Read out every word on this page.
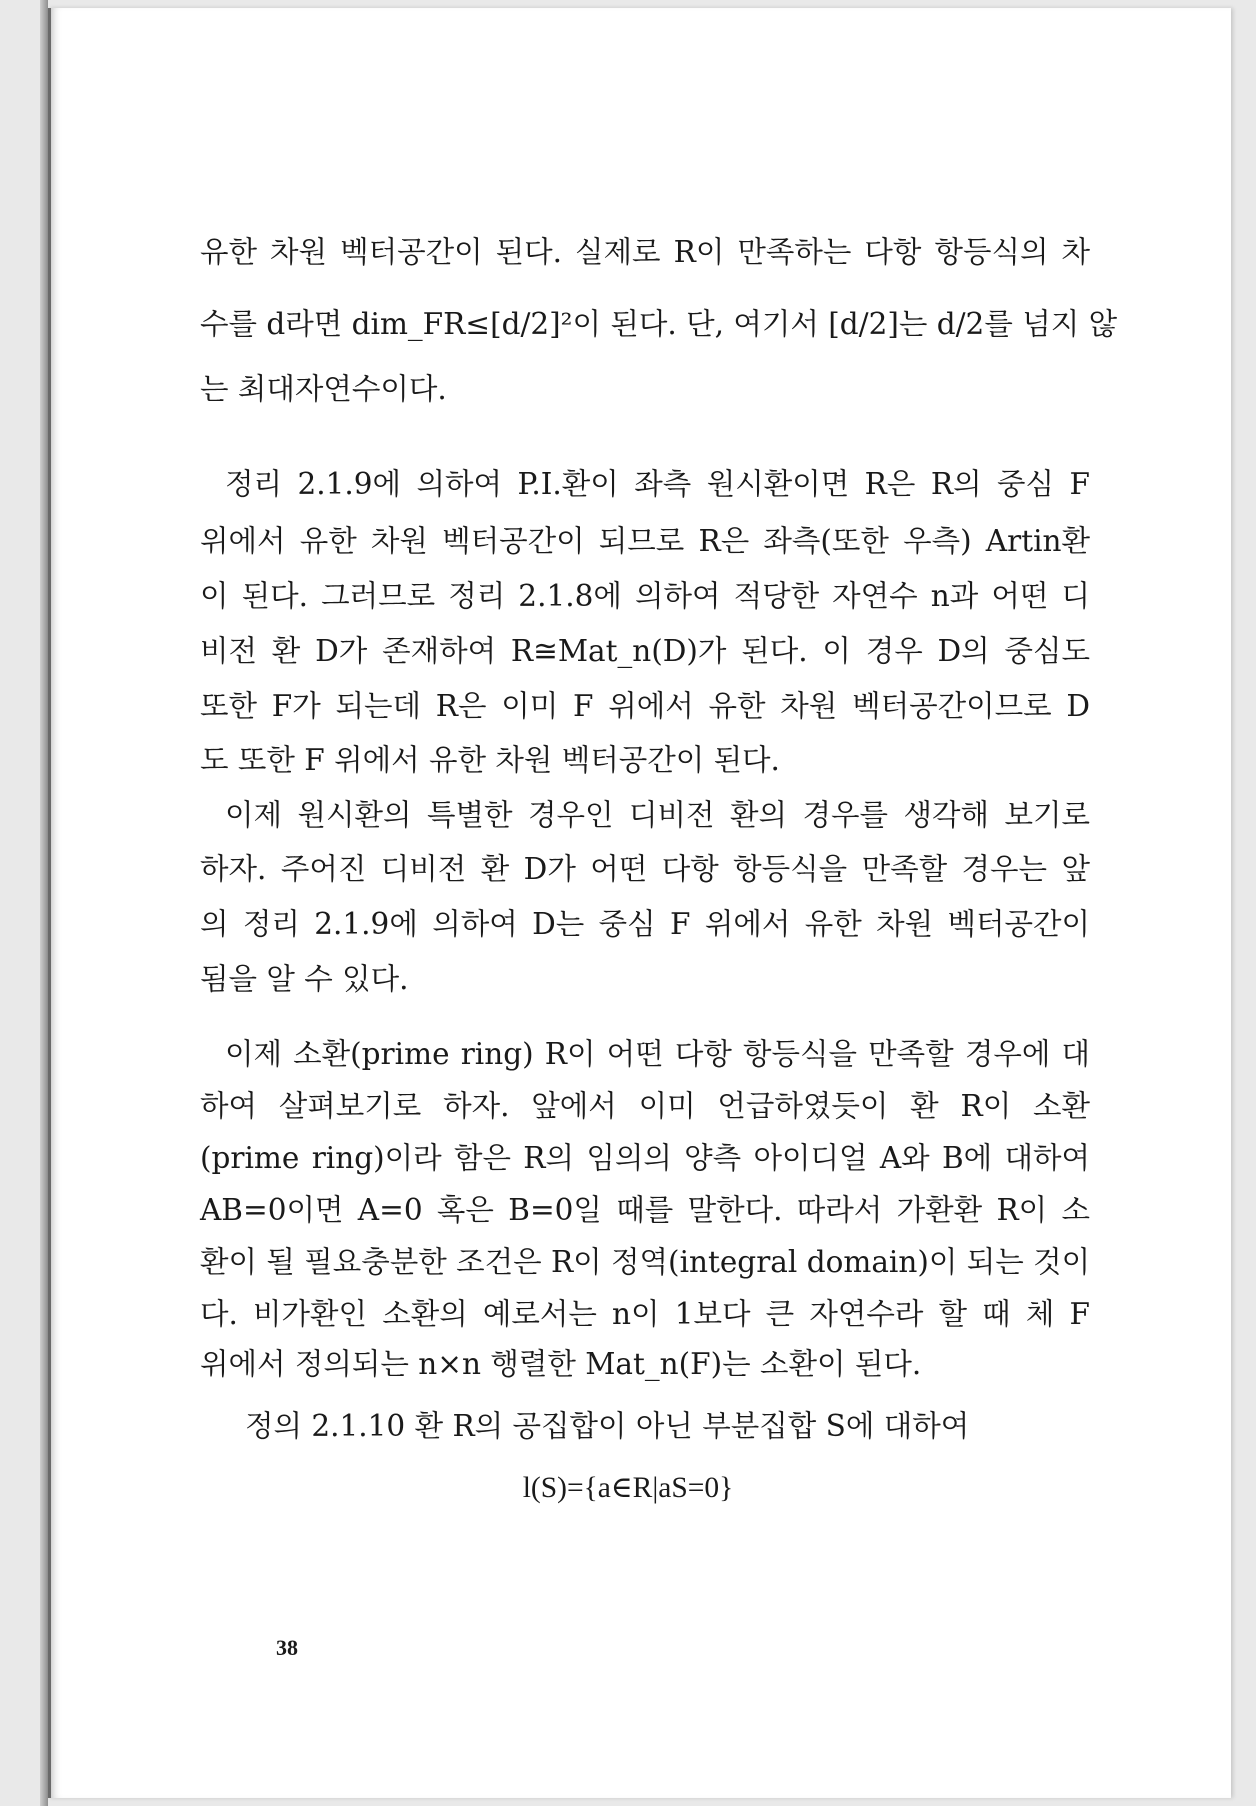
유한 차원 벡터공간이 된다. 실제로 R이 만족하는 다항 항등식의 차
수를 d라면 dim_FR≤[d/2]²이 된다. 단, 여기서 [d/2]는 d/2를 넘지 않
는 최대자연수이다.
정리 2.1.9에 의하여 P.I.환이 좌측 원시환이면 R은 R의 중심 F
위에서 유한 차원 벡터공간이 되므로 R은 좌측(또한 우측) Artin환
이 된다. 그러므로 정리 2.1.8에 의하여 적당한 자연수 n과 어떤 디
비전 환 D가 존재하여 R≅Mat_n(D)가 된다. 이 경우 D의 중심도
또한 F가 되는데 R은 이미 F 위에서 유한 차원 벡터공간이므로 D
도 또한 F 위에서 유한 차원 벡터공간이 된다.
이제 원시환의 특별한 경우인 디비전 환의 경우를 생각해 보기로
하자. 주어진 디비전 환 D가 어떤 다항 항등식을 만족할 경우는 앞
의 정리 2.1.9에 의하여 D는 중심 F 위에서 유한 차원 벡터공간이
됨을 알 수 있다.
이제 소환(prime ring) R이 어떤 다항 항등식을 만족할 경우에 대
하여 살펴보기로 하자. 앞에서 이미 언급하였듯이 환 R이 소환
(prime ring)이라 함은 R의 임의의 양측 아이디얼 A와 B에 대하여
AB=0이면 A=0 혹은 B=0일 때를 말한다. 따라서 가환환 R이 소
환이 될 필요충분한 조건은 R이 정역(integral domain)이 되는 것이
다. 비가환인 소환의 예로서는 n이 1보다 큰 자연수라 할 때 체 F
위에서 정의되는 n×n 행렬한 Mat_n(F)는 소환이 된다.
정의 2.1.10 환 R의 공집합이 아닌 부분집합 S에 대하여
l(S)={a∈R|aS=0}
38
